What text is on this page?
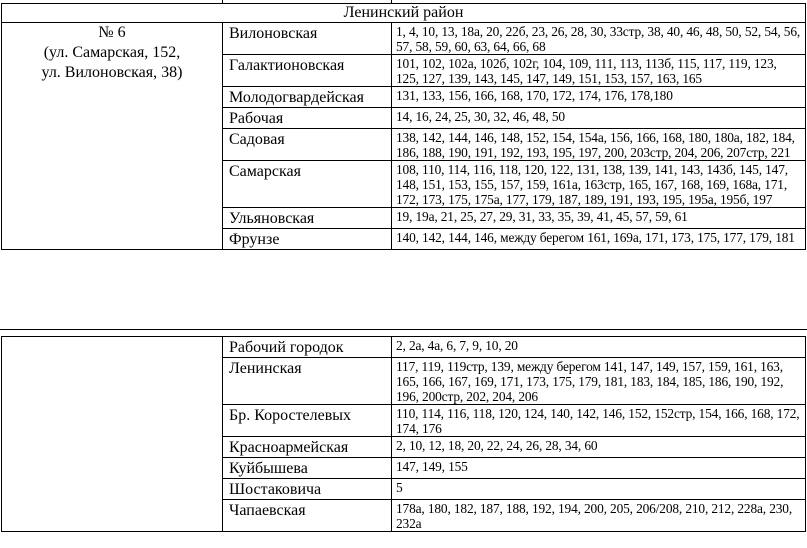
Ленинский район		

№ 6
(ул. Самарская, 152,
ул. Вилоновская, 38)	Вилоновская	1, 4, 10, 13, 18а, 20, 22б, 23, 26, 28, 30, 33стр, 38, 40, 46, 48, 50, 52, 54, 56, 57, 58, 59, 60, 63, 64, 66, 68
	Галактионовская	101, 102, 102а, 102б, 102г, 104, 109, 111, 113, 113б, 115, 117, 119, 123, 125, 127, 139, 143, 145, 147, 149, 151, 153, 157, 163, 165
	Молодогвардейская	131, 133, 156, 166, 168, 170, 172, 174, 176, 178,180
	Рабочая	14, 16, 24, 25, 30, 32, 46, 48, 50
	Садовая	138, 142, 144, 146, 148, 152, 154, 154а, 156, 166, 168, 180, 180а, 182, 184, 186, 188, 190, 191, 192, 193, 195, 197, 200, 203стр, 204, 206, 207стр, 221
	Самарская	108, 110, 114, 116, 118, 120, 122, 131, 138, 139, 141, 143, 143б, 145, 147, 148, 151, 153, 155, 157, 159, 161а, 163стр, 165, 167, 168, 169, 168а, 171, 172, 173, 175, 175а, 177, 179, 187, 189, 191, 193, 195, 195а, 195б, 197
	Ульяновская	19, 19а, 21, 25, 27, 29, 31, 33, 35, 39, 41, 45, 57, 59, 61
	Фрунзе	140, 142, 144, 146, между берегом 161, 169а, 171, 173, 175, 177, 179, 181
	Рабочий городок	2, 2а, 4а, 6, 7, 9, 10, 20
	Ленинская	117, 119, 119стр, 139, между берегом 141, 147, 149, 157, 159, 161, 163, 165, 166, 167, 169, 171, 173, 175, 179, 181, 183, 184, 185, 186, 190, 192, 196, 200стр, 202, 204, 206
	Бр. Коростелевых	110, 114, 116, 118, 120, 124, 140, 142, 146, 152, 152стр, 154, 166, 168, 172, 174, 176
	Красноармейская	2, 10, 12, 18, 20, 22, 24, 26, 28, 34, 60
	Куйбышева	147, 149, 155
	Шостаковича	5
	Чапаевская	178а, 180, 182, 187, 188, 192, 194, 200, 205, 206/208, 210, 212, 228а, 230, 232а
